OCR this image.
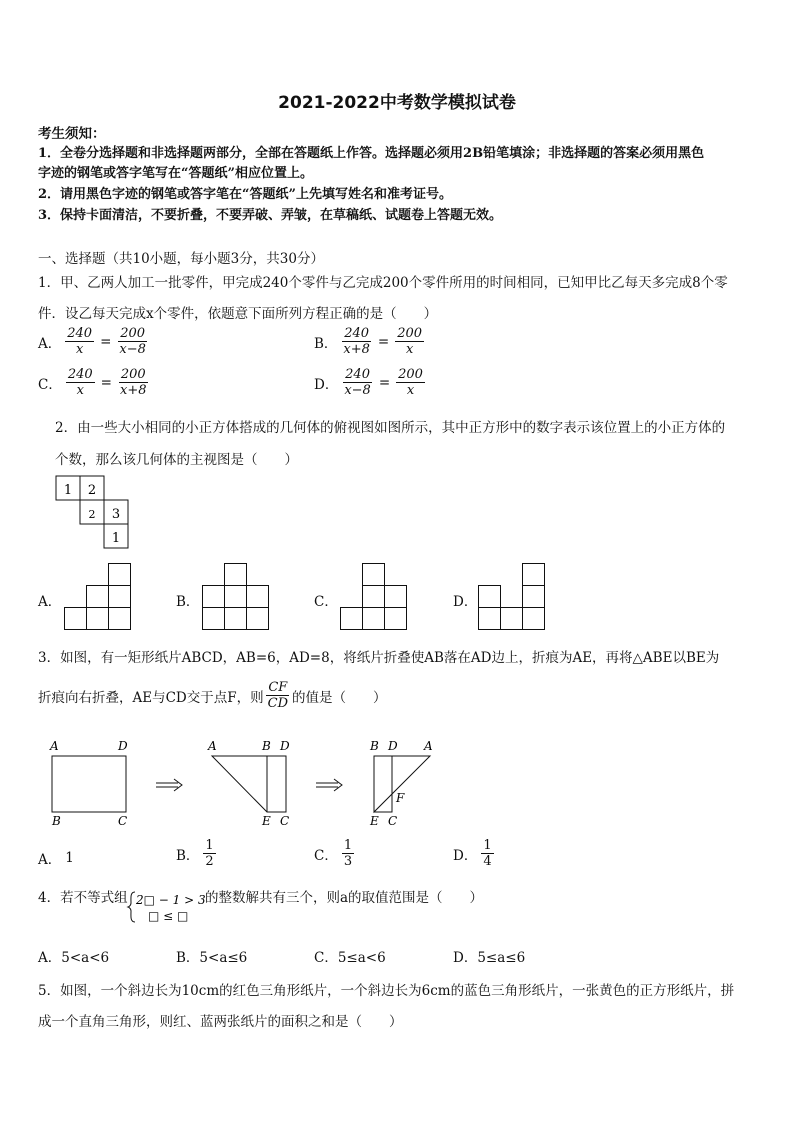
2021-2022中考数学模拟试卷
考生须知：
1．全卷分选择题和非选择题两部分，全部在答题纸上作答。选择题必须用2B铅笔填涂；非选择题的答案必须用黑色
字迹的钢笔或答字笔写在“答题纸”相应位置上。
2．请用黑色字迹的钢笔或答字笔在“答题纸”上先填写姓名和准考证号。
3．保持卡面清洁，不要折叠，不要弄破、弄皱，在草稿纸、试题卷上答题无效。
一、选择题（共10小题，每小题3分，共30分）
1．甲、乙两人加工一批零件，甲完成240个零件与乙完成200个零件所用的时间相同，已知甲比乙每天多完成8个零
件．设乙每天完成x个零件，依题意下面所列方程正确的是（　　）
A． $\frac{240}{x} = \frac{200}{x-8}$	B． $\frac{240}{x+8} = \frac{200}{x}$
C． $\frac{240}{x} = \frac{200}{x+8}$	D． $\frac{240}{x-8} = \frac{200}{x}$
2．由一些大小相同的小正方体搭成的几何体的俯视图如图所示，其中正方形中的数字表示该位置上的小正方体的
个数，那么该几何体的主视图是（　　）
1 2
2 3
1
A．	B．	C．	D．
3．如图，有一矩形纸片ABCD，AB=6，AD=8，将纸片折叠使AB落在AD边上，折痕为AE，再将△ABE以BE为
折痕向右折叠，AE与CD交于点F，则 $\frac{CF}{CD}$ 的值是（　　）
A	D
B	C
A	B D
E C
B D A
F
E C
A． 1	B． $\frac{1}{2}$	C． $\frac{1}{3}$	D． $\frac{1}{4}$
4．若不等式组 2□ − 1 > 3
□ ≤ □
的整数解共有三个，则a的取值范围是（　　）
A．5<a<6	B．5<a≤6	C．5≤a<6	D．5≤a≤6
5．如图，一个斜边长为10cm的红色三角形纸片，一个斜边长为6cm的蓝色三角形纸片，一张黄色的正方形纸片，拼
成一个直角三角形，则红、蓝两张纸片的面积之和是（　　）
